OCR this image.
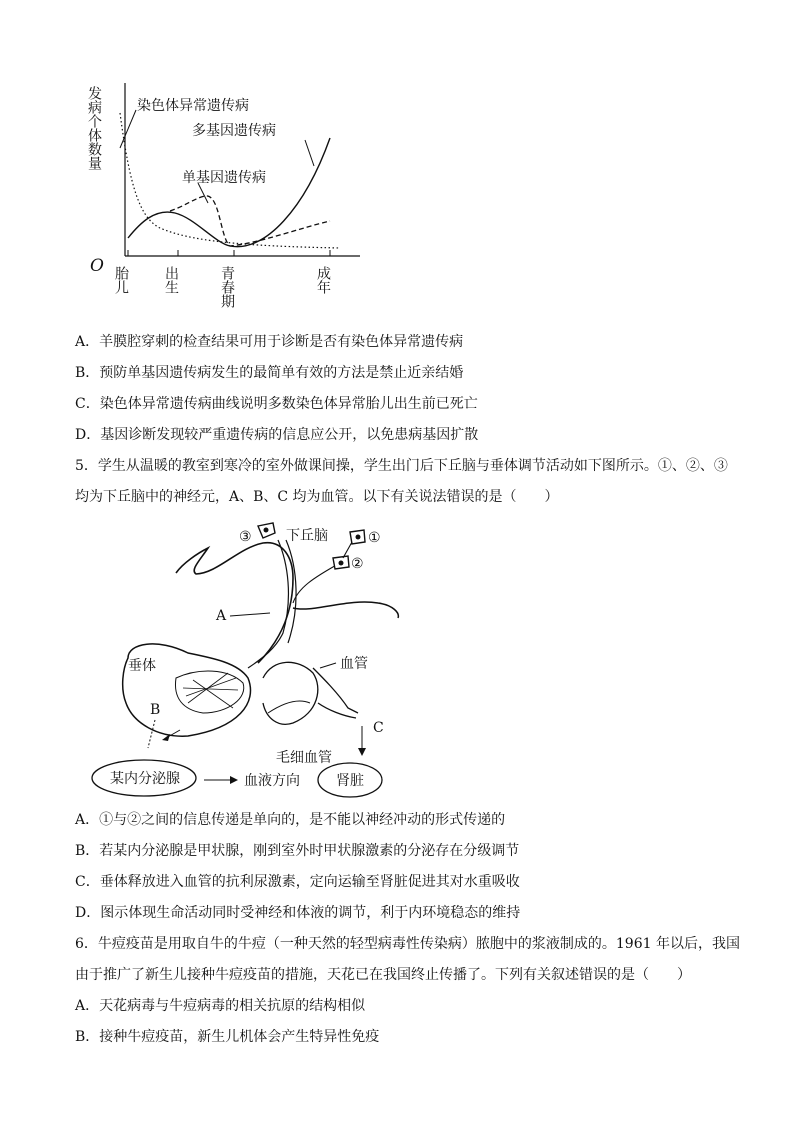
发病个体数量
O
染色体异常遗传病
多基因遗传病
单基因遗传病
胎儿 出生	青春期	成年
A．羊膜腔穿刺的检查结果可用于诊断是否有染色体异常遗传病
B．预防单基因遗传病发生的最简单有效的方法是禁止近亲结婚
C．染色体异常遗传病曲线说明多数染色体异常胎儿出生前已死亡
D．基因诊断发现较严重遗传病的信息应公开，以免患病基因扩散
5．学生从温暖的教室到寒冷的室外做课间操，学生出门后下丘脑与垂体调节活动如下图所示。①、②、③
均为下丘脑中的神经元，A、B、C 均为血管。以下有关说法错误的是（　　）
③ 下丘脑	①
②
A
垂体
B
血管
C
毛细血管
某内分泌腺	血液方向	肾脏
A．①与②之间的信息传递是单向的，是不能以神经冲动的形式传递的
B．若某内分泌腺是甲状腺，刚到室外时甲状腺激素的分泌存在分级调节
C．垂体释放进入血管的抗利尿激素，定向运输至肾脏促进其对水重吸收
D．图示体现生命活动同时受神经和体液的调节，利于内环境稳态的维持
6．牛痘疫苗是用取自牛的牛痘（一种天然的轻型病毒性传染病）脓胞中的浆液制成的。1961 年以后，我国
由于推广了新生儿接种牛痘疫苗的措施，天花已在我国终止传播了。下列有关叙述错误的是（　　）
A．天花病毒与牛痘病毒的相关抗原的结构相似
B．接种牛痘疫苗，新生儿机体会产生特异性免疫
